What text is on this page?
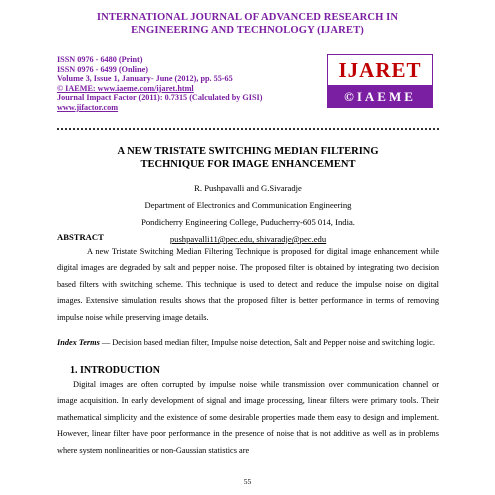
INTERNATIONAL JOURNAL OF ADVANCED RESEARCH IN
ENGINEERING AND TECHNOLOGY (IJARET)
ISSN 0976 - 6480 (Print)
ISSN 0976 - 6499 (Online)
Volume 3, Issue 1, January- June (2012), pp. 55-65
© IAEME: www.iaeme.com/ijaret.html
Journal Impact Factor (2011): 0.7315 (Calculated by GISI)
www.jifactor.com
IJARET
©IAEME
A NEW TRISTATE SWITCHING MEDIAN FILTERING
TECHNIQUE FOR IMAGE ENHANCEMENT
R. Pushpavalli and G.Sivaradje
Department of Electronics and Communication Engineering
Pondicherry Engineering College, Puducherry-605 014, India.
pushpavalli11@pec.edu, shivaradje@pec.edu
ABSTRACT
A new Tristate Switching Median Filtering Technique is proposed for digital image enhancement while digital images are degraded by salt and pepper noise. The proposed filter is obtained by integrating two decision based filters with switching scheme. This technique is used to detect and reduce the impulse noise on digital images. Extensive simulation results shows that the proposed filter is better performance in terms of removing impulse noise while preserving image details.
Index Terms — Decision based median filter, Impulse noise detection, Salt and Pepper noise and switching logic.
1. INTRODUCTION
Digital images are often corrupted by impulse noise while transmission over communication channel or image acquisition. In early development of signal and image processing, linear filters were primary tools. Their mathematical simplicity and the existence of some desirable properties made them easy to design and implement. However, linear filter have poor performance in the presence of noise that is not additive as well as in problems where system nonlinearities or non-Gaussian statistics are
55
